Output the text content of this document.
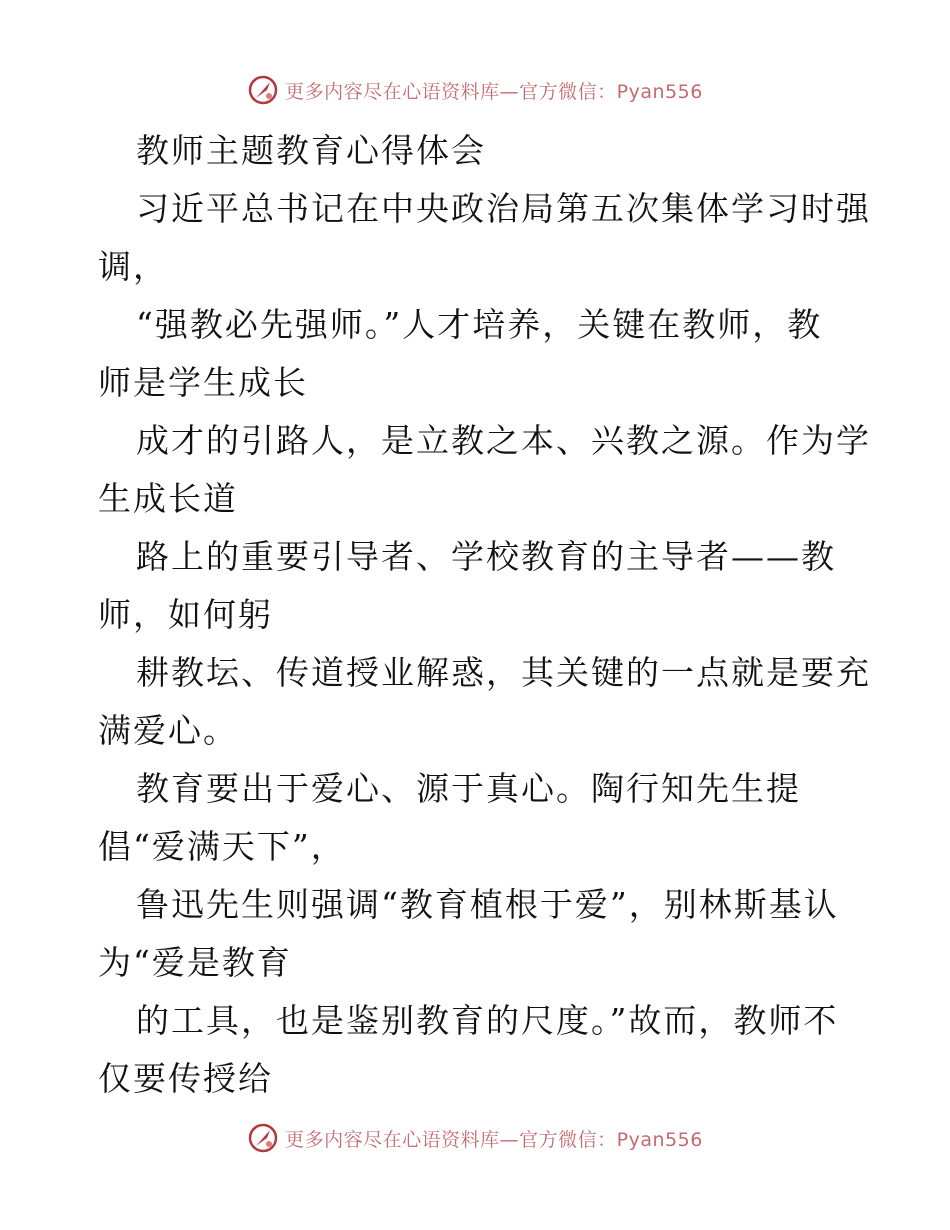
更多内容尽在心语资料库—官方微信：Pyan556
教师主题教育心得体会
习近平总书记在中央政治局第五次集体学习时强
调，
“强教必先强师。”人才培养，关键在教师，教
师是学生成长
成才的引路人，是立教之本、兴教之源。作为学
生成长道
路上的重要引导者、学校教育的主导者——教
师，如何躬
耕教坛、传道授业解惑，其关键的一点就是要充
满爱心。
教育要出于爱心、源于真心。陶行知先生提
倡“爱满天下”，
鲁迅先生则强调“教育植根于爱”，别林斯基认
为“爱是教育
的工具，也是鉴别教育的尺度。”故而，教师不
仅要传授给
更多内容尽在心语资料库—官方微信：Pyan556
